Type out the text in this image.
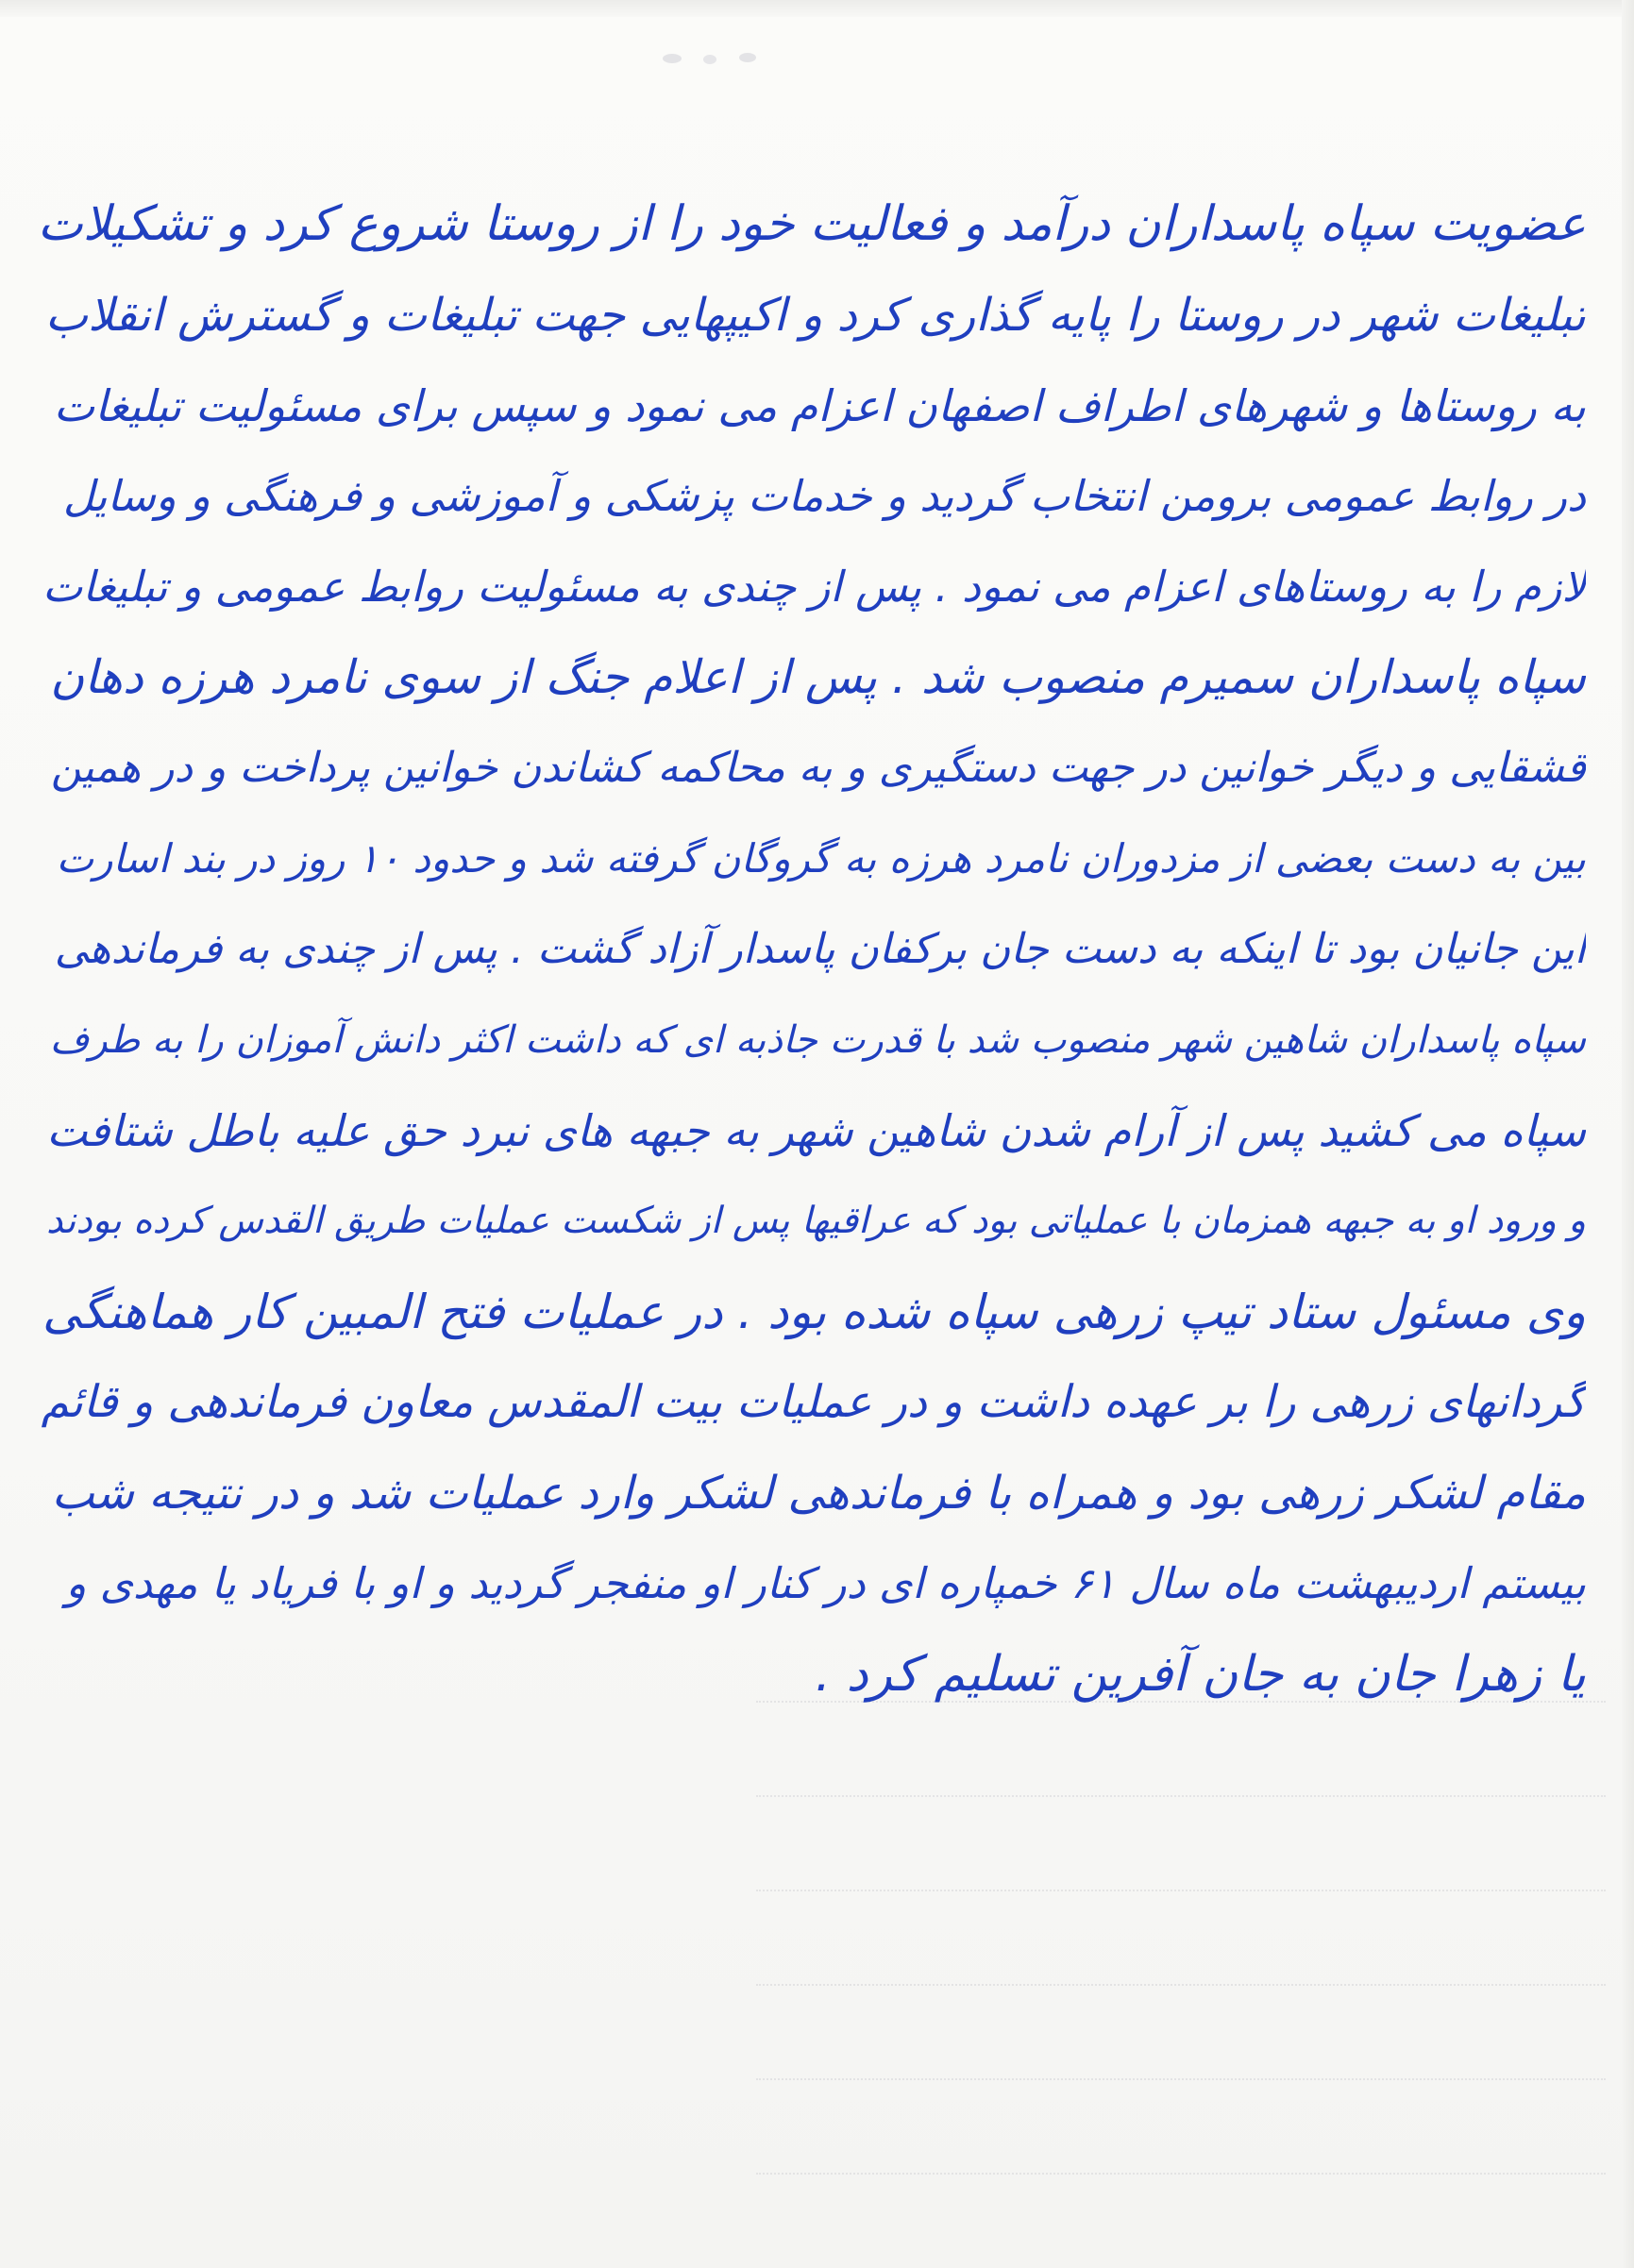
عضویت سپاه پاسداران درآمد و فعالیت خود را از روستا شروع کرد و تشکیلات
تبلیغات شهر در روستا را پایه گذاری کرد و اکیپهایی جهت تبلیغات و گسترش انقلاب
به روستاها و شهرهای اطراف اصفهان اعزام می نمود و سپس برای مسئولیت تبلیغات
در روابط عمومی برومن انتخاب گردید و خدمات پزشکی و آموزشی و فرهنگی و وسایل
لازم را به روستاهای اعزام می نمود . پس از چندی به مسئولیت روابط عمومی و تبلیغات
سپاه پاسداران سمیرم منصوب شد . پس از اعلام جنگ از سوی نامرد هرزه دهان
قشقایی و دیگر خوانین در جهت دستگیری و به محاکمه کشاندن خوانین پرداخت و در همین
بین به دست بعضی از مزدوران نامرد هرزه به گروگان گرفته شد و حدود ۱۰ روز در بند اسارت
این جانیان بود تا اینکه به دست جان برکفان پاسدار آزاد گشت . پس از چندی به فرماندهی
سپاه پاسداران شاهین شهر منصوب شد با قدرت جاذبه ای که داشت اکثر دانش آموزان را به طرف
سپاه می کشید پس از آرام شدن شاهین شهر به جبهه های نبرد حق علیه باطل شتافت
و ورود او به جبهه همزمان با عملیاتی بود که عراقیها پس از شکست عملیات طریق القدس کرده بودند
وی مسئول ستاد تیپ زرهی سپاه شده بود . در عملیات فتح المبین کار هماهنگی
گردانهای زرهی را بر عهده داشت و در عملیات بیت المقدس معاون فرماندهی و قائم
مقام لشکر زرهی بود و همراه با فرماندهی لشکر وارد عملیات شد و در نتیجه شب
بیستم اردیبهشت ماه سال ۶۱ خمپاره ای در کنار او منفجر گردید و او با فریاد یا مهدی و
یا زهرا جان به جان آفرین تسلیم کرد .
